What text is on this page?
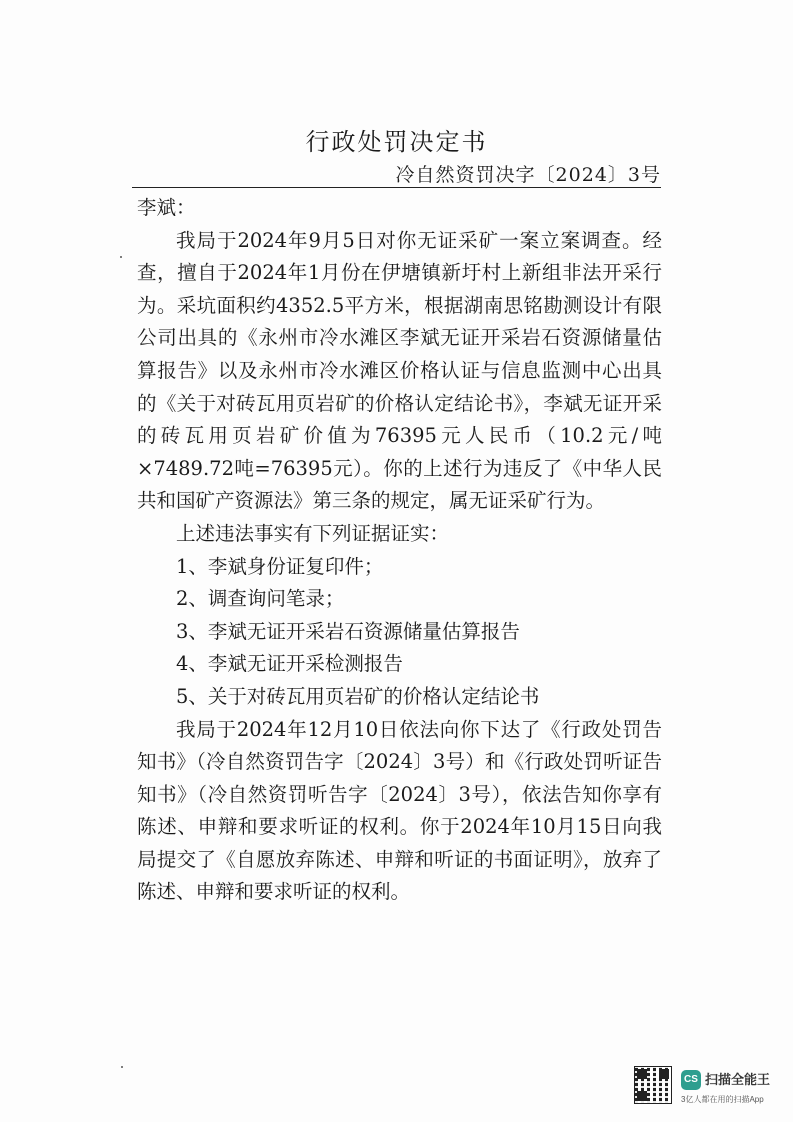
行政处罚决定书
冷自然资罚决字〔2024〕3号

李斌：

我局于2024年9月5日对你无证采矿一案立案调查。经查，擅自于2024年1月份在伊塘镇新圩村上新组非法开采行为。采坑面积约4352.5平方米，根据湖南思铭勘测设计有限公司出具的《永州市冷水滩区李斌无证开采岩石资源储量估算报告》以及永州市冷水滩区价格认证与信息监测中心出具的《关于对砖瓦用页岩矿的价格认定结论书》，李斌无证开采的砖瓦用页岩矿价值为76395元人民币（10.2元/吨×7489.72吨=76395元）。你的上述行为违反了《中华人民共和国矿产资源法》第三条的规定，属无证采矿行为。

上述违法事实有下列证据证实：

1、李斌身份证复印件；

2、调查询问笔录；

3、李斌无证开采岩石资源储量估算报告

4、李斌无证开采检测报告

5、关于对砖瓦用页岩矿的价格认定结论书

我局于2024年12月10日依法向你下达了《行政处罚告知书》（冷自然资罚告字〔2024〕3号）和《行政处罚听证告知书》（冷自然资罚听告字〔2024〕3号），依法告知你享有陈述、申辩和要求听证的权利。你于2024年10月15日向我局提交了《自愿放弃陈述、申辩和听证的书面证明》，放弃了陈述、申辩和要求听证的权利。

CS 扫描全能王
3亿人都在用的扫描App
